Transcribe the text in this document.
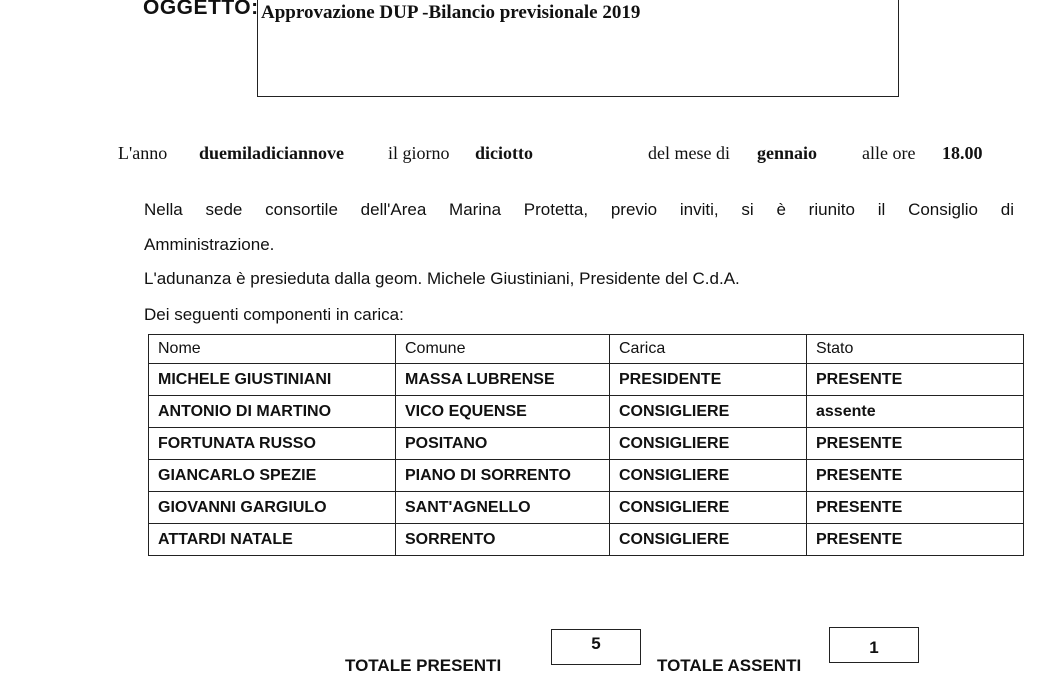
OGGETTO: Approvazione DUP -Bilancio previsionale 2019
L'anno duemiladiciannove il giorno diciotto	del mese di gennaio alle ore 18.00
Nella sede consortile dell'Area Marina Protetta, previo inviti, si è riunito il Consiglio di
Amministrazione.
L'adunanza è presieduta dalla geom. Michele Giustiniani, Presidente del C.d.A.
Dei seguenti componenti in carica:
Nome	Comune	Carica	Stato
MICHELE GIUSTINIANI	MASSA LUBRENSE	PRESIDENTE	PRESENTE
ANTONIO DI MARTINO	VICO EQUENSE	CONSIGLIERE	assente
FORTUNATA RUSSO	POSITANO	CONSIGLIERE	PRESENTE
GIANCARLO SPEZIE	PIANO DI SORRENTO	CONSIGLIERE	PRESENTE
GIOVANNI GARGIULO	SANT'AGNELLO	CONSIGLIERE	PRESENTE
ATTARDI NATALE	SORRENTO	CONSIGLIERE	PRESENTE
TOTALE PRESENTI
5
TOTALE ASSENTI
1
